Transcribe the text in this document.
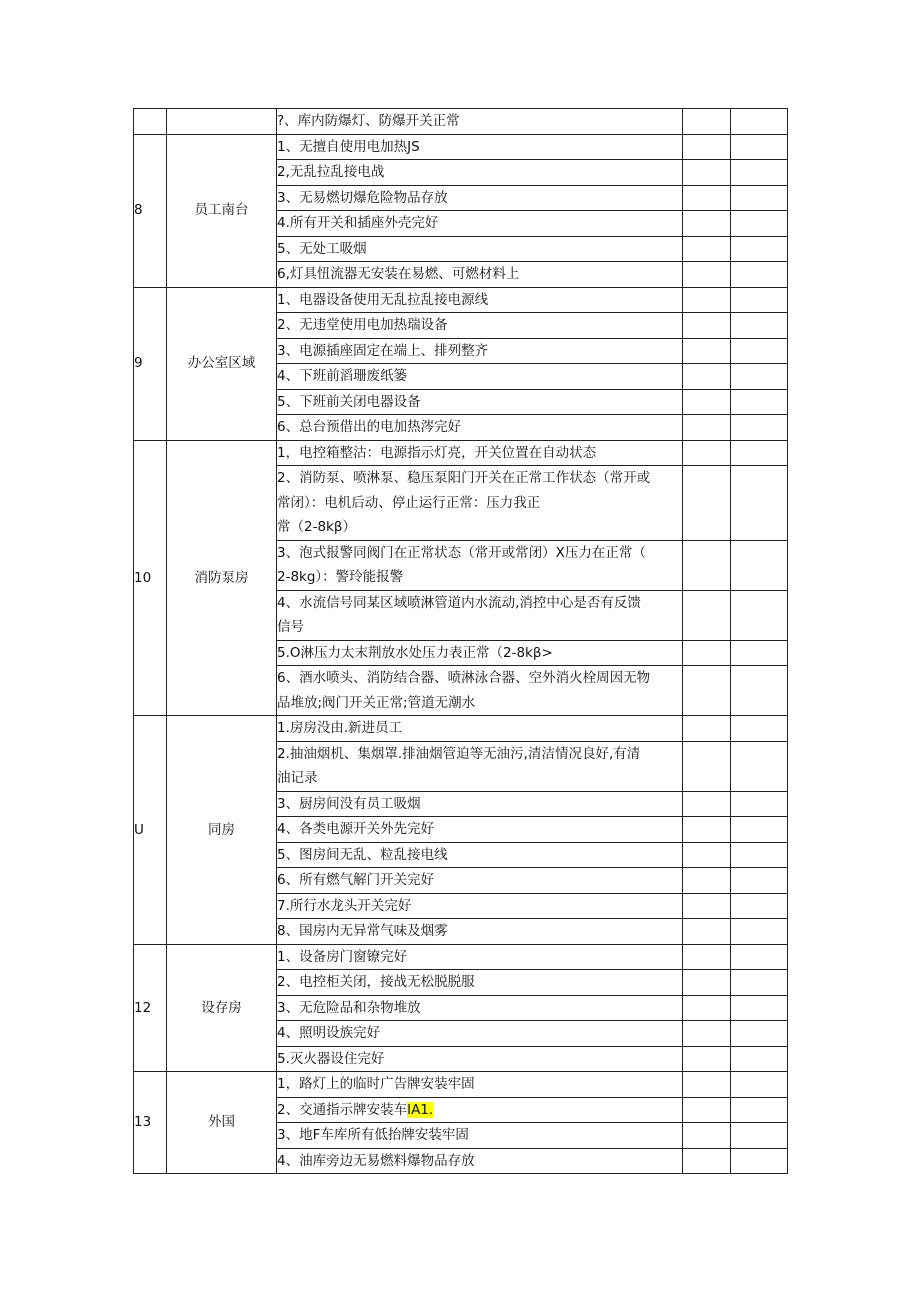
		?、库内防爆灯、防爆开关正常		
8	员工南台	1、无擅自使用电加热JS		
		2,无乱拉乱接电战		
		3、无易燃切爆危险物品存放		
		4.所有开关和插座外壳完好		
		5、无处工吸烟		
		6,灯具忸流器无安装在易燃、可燃材料上		
9	办公室区域	1、电器设备使用无乱拉乱接电源线		
		2、无违堂使用电加热瑞设备		
		3、电源插座固定在端上、排列整齐		
		4、下班前滔珊废纸篓		
		5、下班前关闭电器设备		
		6、总台预借出的电加热涔完好		
10	消防泵房	1，电控箱整沽：电源指示灯亮，开关位置在自动状态		

		2、消防泵、喷淋泵、稳压泵阳门开关在正常工作状态（常开或
常闭）：电机后动、停止运行正常：压力我正
常（2-8kβ）		

		3、泡式报警同阀门在正常状态（常开或常闭）X压力在正常（
2-8kg）：警玲能报警		

		4、水流信号同某区域喷淋管道内水流动,消控中心是否有反馈
信号		

		5.O淋压力太末荆放水处压力表正常（2-8kβ>		

		6、酒水喷头、消防结合器、喷淋泳合器、空外消火栓周因无物
品堆放;阀门开关正常;管道无潮水		

U	同房	1.房房没由.新进员工		

		2.抽油烟机、集烟罩.排油烟管迫等无油污,清洁情况良好,有清
油记录		

		3、厨房间没有员工吸烟		
		4、各类电源开关外先完好		
		5、图房间无乱、粒乱接电线		
		6、所有燃气解门开关完好		
		7.所行水龙头开关完好		
		8、国房内无异常气味及烟雾		
12	设存房	1、设备房门窗镣完好		
		2、电控柜关闭，接战无松脱脱服		
		3、无危险品和杂物堆放		
		4、照明设族完好		
		5.灭火器设住完好		
13	外国	1，路灯上的临时广告牌安装牢固		
		2、交通指示牌安装车IA1.		
		3、地F车库所有低抬牌安装牢固		
		4、油库旁边无易燃料爆物品存放		
